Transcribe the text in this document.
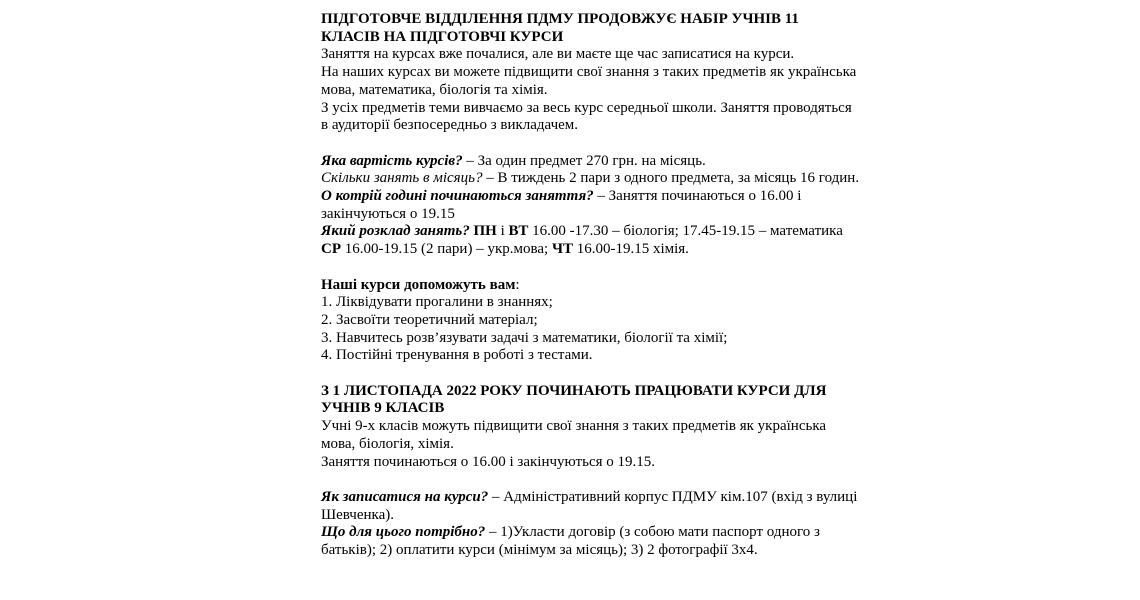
ПІДГОТОВЧЕ ВІДДІЛЕННЯ ПДМУ ПРОДОВЖУЄ НАБІР УЧНІВ 11 КЛАСІВ НА ПІДГОТОВЧІ КУРСИ

Заняття на курсах вже почалися, але ви маєте ще час записатися на курси.

На наших курсах ви можете підвищити свої знання з таких предметів як українська мова, математика, біологія та хімія.

З усіх предметів теми вивчаємо за весь курс середньої школи. Заняття проводяться в аудиторії безпосередньо з викладачем.

Яка вартість курсів? – За один предмет 270 грн. на місяць.

Скільки занять в місяць? – В тиждень 2 пари з одного предмета, за місяць 16 годин.

О котрій годині починаються заняття? – Заняття починаються о 16.00 і закінчуються о 19.15

Який розклад занять? ПН і ВТ 16.00 -17.30 – біологія; 17.45-19.15 – математика

СР 16.00-19.15 (2 пари) – укр.мова; ЧТ 16.00-19.15 хімія.

Наші курси допоможуть вам:

1. Ліквідувати прогалини в знаннях;

2. Засвоїти теоретичний матеріал;

3. Навчитесь розв’язувати задачі з математики, біології та хімії;

4. Постійні тренування в роботі з тестами.

З 1 ЛИСТОПАДА 2022 РОКУ ПОЧИНАЮТЬ ПРАЦЮВАТИ КУРСИ ДЛЯ УЧНІВ 9 КЛАСІВ

Учні 9-х класів можуть підвищити свої знання з таких предметів як українська мова, біологія, хімія.

Заняття починаються о 16.00 і закінчуються о 19.15.

Як записатися на курси? – Адміністративний корпус ПДМУ кім.107 (вхід з вулиці Шевченка).

Що для цього потрібно? – 1)Укласти договір (з собою мати паспорт одного з батьків); 2) оплатити курси (мінімум за місяць); 3) 2 фотографії 3х4.
